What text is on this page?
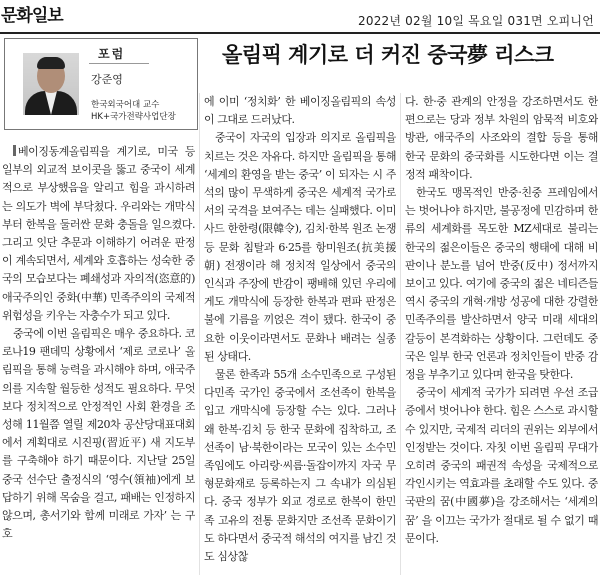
문화일보	2022년 02월 10일 목요일 031면 오피니언
포럼
강준영
한국외국어대 교수
HK+국가전략사업단장
올림픽 계기로 더 커진 중국夢 리스크

베이징동계올림픽을 계기로, 미국 등 일부의 외교적 보이콧을 뚫고 중국이 세계적으로 부상했음을 알리고 힘을 과시하려는 의도가 벽에 부닥쳤다. 우리와는 개막식부터 한복을 둘러싼 문화 충돌을 일으켰다. 그리고 잇단 추문과 이해하기 어려운 판정이 계속되면서, 세계와 호흡하는 성숙한 중국의 모습보다는 폐쇄성과 자의적(恣意的) 애국주의인 중화(中華) 민족주의의 국제적 위험성을 키우는 자충수가 되고 있다.

중국에 이번 올림픽은 매우 중요하다. 코로나19 팬데믹 상황에서 ‘제로 코로나’ 올림픽을 통해 능력을 과시해야 하며, 애국주의를 지속할 월등한 성적도 필요하다. 무엇보다 정치적으로 안정적인 사회 환경을 조성해 11월쯤 열릴 제20차 공산당대표대회에서 계획대로 시진핑(習近平) 새 지도부를 구축해야 하기 때문이다. 지난달 25일 중국 선수단 출정식의 ‘영수(領袖)에게 보답하기 위해 목숨을 걸고, 패배는 인정하지 않으며, 총서기와 함께 미래로 가자’ 는 구호

에 이미 ‘정치화’ 한 베이징올림픽의 속성이 그대로 드러났다.

중국이 자국의 입장과 의지로 올림픽을 치르는 것은 자유다. 하지만 올림픽을 통해 ‘세계의 환영을 받는 중국’ 이 되자는 시 주석의 많이 무색하게 중국은 세계적 국가로서의 국격을 보여주는 데는 실패했다. 이미 사드 한한령(限韓令), 김치·한복 원조 논쟁 등 문화 침탈과 6·25를 항미원조(抗美援朝) 전쟁이라 해 정치적 일상에서 중국의 인식과 주장에 반감이 팽배해 있던 우리에게도 개막식에 등장한 한복과 편파 판정은 불에 기름을 끼얹은 격이 됐다. 한국이 중요한 이웃이라면서도 문화나 배려는 실종된 상태다.

물론 한족과 55개 소수민족으로 구성된 다민족 국가인 중국에서 조선족이 한복을 입고 개막식에 등장할 수는 있다. 그러나 왜 한복·김치 등 한국 문화에 집착하고, 조선족이 남·북한이라는 모국이 있는 소수민족임에도 아리랑·씨름·돌잡이까지 자국 무형문화재로 등록하는지 그 속내가 의심된다. 중국 정부가 외교 경로로 한복이 한민족 고유의 전통 문화지만 조선족 문화이기도 하다면서 중국적 해석의 여지를 남긴 것도 심상찮

다. 한·중 관계의 안정을 강조하면서도 한편으로는 당과 정부 차원의 암묵적 비호와 방관, 애국주의 사조와의 결합 등을 통해 한국 문화의 중국화를 시도한다면 이는 결정적 패착이다.

한국도 맹목적인 반중·친중 프레임에서는 벗어나야 하지만, 불공정에 민감하며 한류의 세계화를 목도한 MZ세대로 불리는 한국의 젊은이들은 중국의 행태에 대해 비판이나 분노를 넘어 반중(反中) 정서까지 보이고 있다. 여기에 중국의 젊은 네티즌들 역시 중국의 개혁·개방 성공에 대한 강렬한 민족주의를 발산하면서 양국 미래 세대의 갈등이 본격화하는 상황이다. 그런데도 중국은 일부 한국 언론과 정치인들이 반중 감정을 부추기고 있다며 한국을 탓한다.

중국이 세계적 국가가 되려면 우선 조급증에서 벗어나야 한다. 힘은 스스로 과시할 수 있지만, 국제적 리더의 권위는 외부에서 인정받는 것이다. 자칫 이번 올림픽 무대가 오히려 중국의 패권적 속성을 국제적으로 각인시키는 역효과를 초래할 수도 있다. 중국판의 꿈(中國夢)을 강조해서는 ‘세계의 꿈’ 을 이끄는 국가가 절대로 될 수 없기 때문이다.
